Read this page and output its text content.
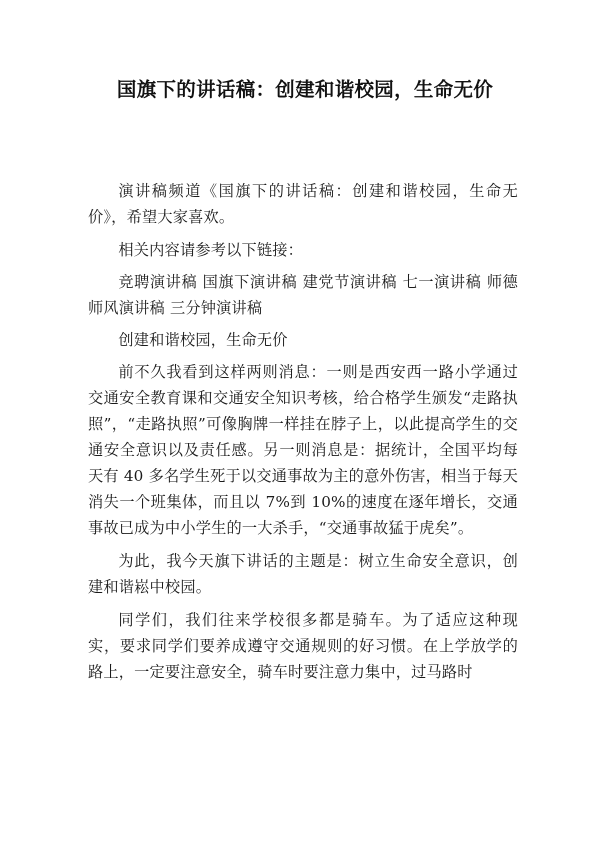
国旗下的讲话稿：创建和谐校园，生命无价

演讲稿频道《国旗下的讲话稿：创建和谐校园，生命无价》，希望大家喜欢。

相关内容请参考以下链接：

竞聘演讲稿 国旗下演讲稿 建党节演讲稿 七一演讲稿 师德师风演讲稿 三分钟演讲稿

创建和谐校园，生命无价

前不久我看到这样两则消息：一则是西安西一路小学通过交通安全教育课和交通安全知识考核，给合格学生颁发“走路执照”，“走路执照”可像胸牌一样挂在脖子上，以此提高学生的交通安全意识以及责任感。另一则消息是：据统计，全国平均每天有 40 多名学生死于以交通事故为主的意外伤害，相当于每天消失一个班集体，而且以 7%到 10%的速度在逐年增长，交通事故已成为中小学生的一大杀手，“交通事故猛于虎矣”。

为此，我今天旗下讲话的主题是：树立生命安全意识，创建和谐崧中校园。

同学们，我们往来学校很多都是骑车。为了适应这种现实，要求同学们要养成遵守交通规则的好习惯。在上学放学的路上，一定要注意安全，骑车时要注意力集中，过马路时
